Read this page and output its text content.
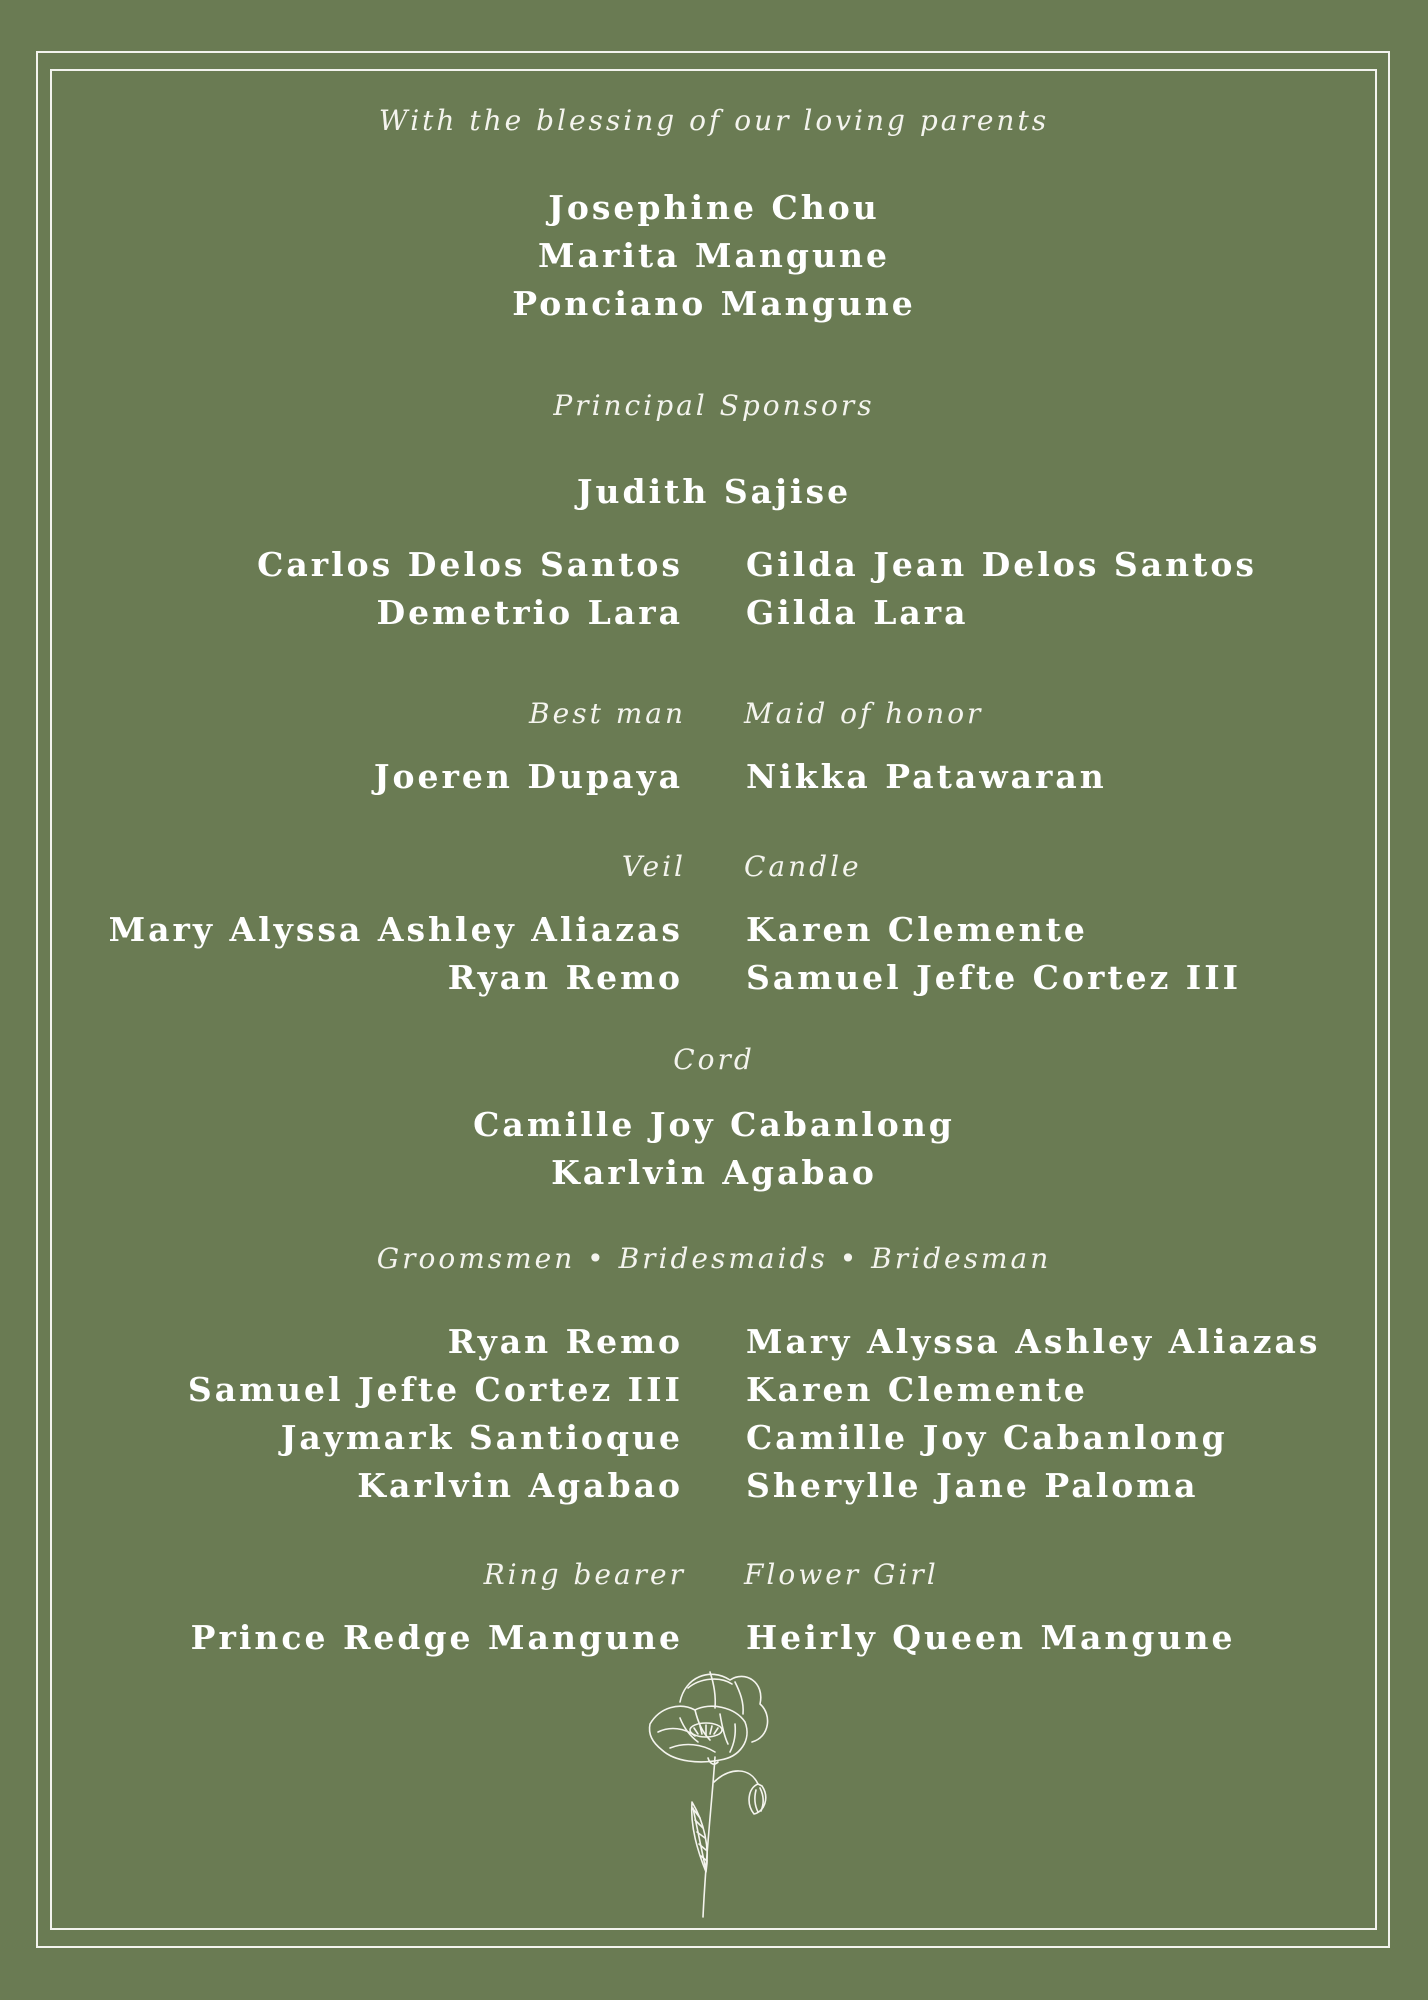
With the blessing of our loving parents
Josephine Chou
Marita Mangune
Ponciano Mangune
Principal Sponsors
Judith Sajise
Carlos Delos Santos Gilda Jean Delos Santos
Demetrio Lara Gilda Lara
Best man Maid of honor
Joeren Dupaya Nikka Patawaran
Veil Candle
Mary Alyssa Ashley Aliazas Karen Clemente
Ryan Remo Samuel Jefte Cortez III
Cord
Camille Joy Cabanlong
Karlvin Agabao
Groomsmen • Bridesmaids • Bridesman
Ryan Remo Mary Alyssa Ashley Aliazas
Samuel Jefte Cortez III Karen Clemente
Jaymark Santioque Camille Joy Cabanlong
Karlvin Agabao Sherylle Jane Paloma
Ring bearer Flower Girl
Prince Redge Mangune Heirly Queen Mangune
